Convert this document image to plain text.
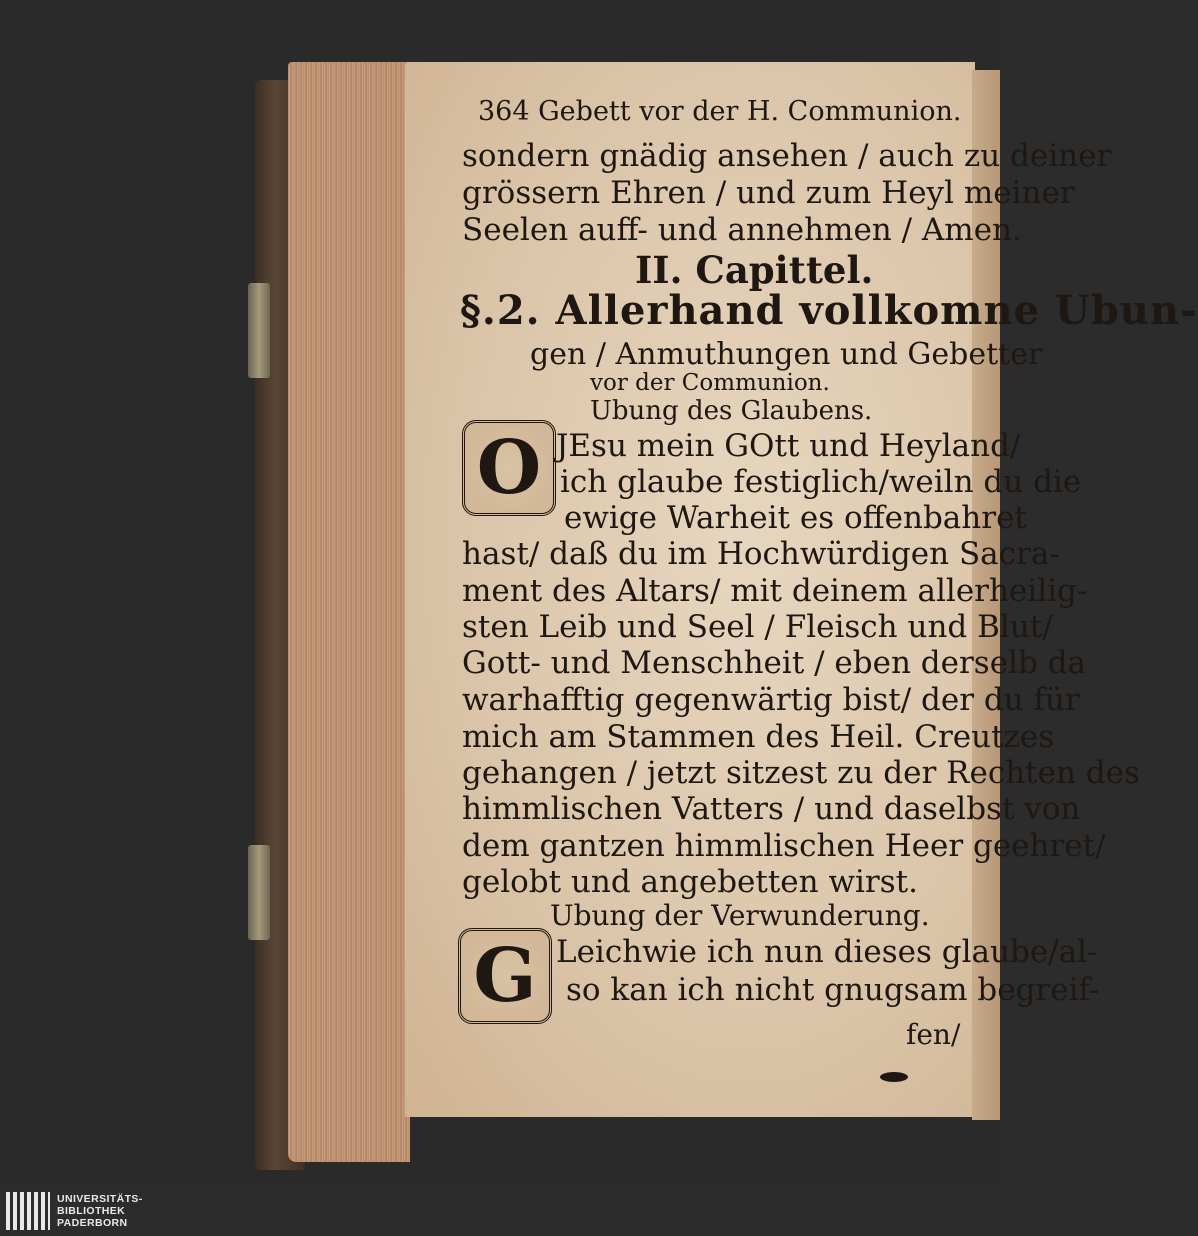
364 Gebett vor der H. Communion.
sondern gnädig ansehen / auch zu deiner
grössern Ehren / und zum Heyl meiner
Seelen auff- und annehmen / Amen.
II. Capittel.
§.2. Allerhand vollkomne Ubun-
gen / Anmuthungen und Gebetter
vor der Communion.
Ubung des Glaubens.
O JEsu mein GOtt und Heyland/
ich glaube festiglich/weiln du die
ewige Warheit es offenbahret
hast/ daß du im Hochwürdigen Sacra-
ment des Altars/ mit deinem allerheilig-
sten Leib und Seel / Fleisch und Blut/
Gott- und Menschheit / eben derselb da
warhafftig gegenwärtig bist/ der du für
mich am Stammen des Heil. Creutzes
gehangen / jetzt sitzest zu der Rechten des
himmlischen Vatters / und daselbst von
dem gantzen himmlischen Heer geehret/
gelobt und angebetten wirst.
Ubung der Verwunderung.
G Leichwie ich nun dieses glaube/al-
so kan ich nicht gnugsam begreif-
fen/
UNIVERSITÄTS-
BIBLIOTHEK
PADERBORN
